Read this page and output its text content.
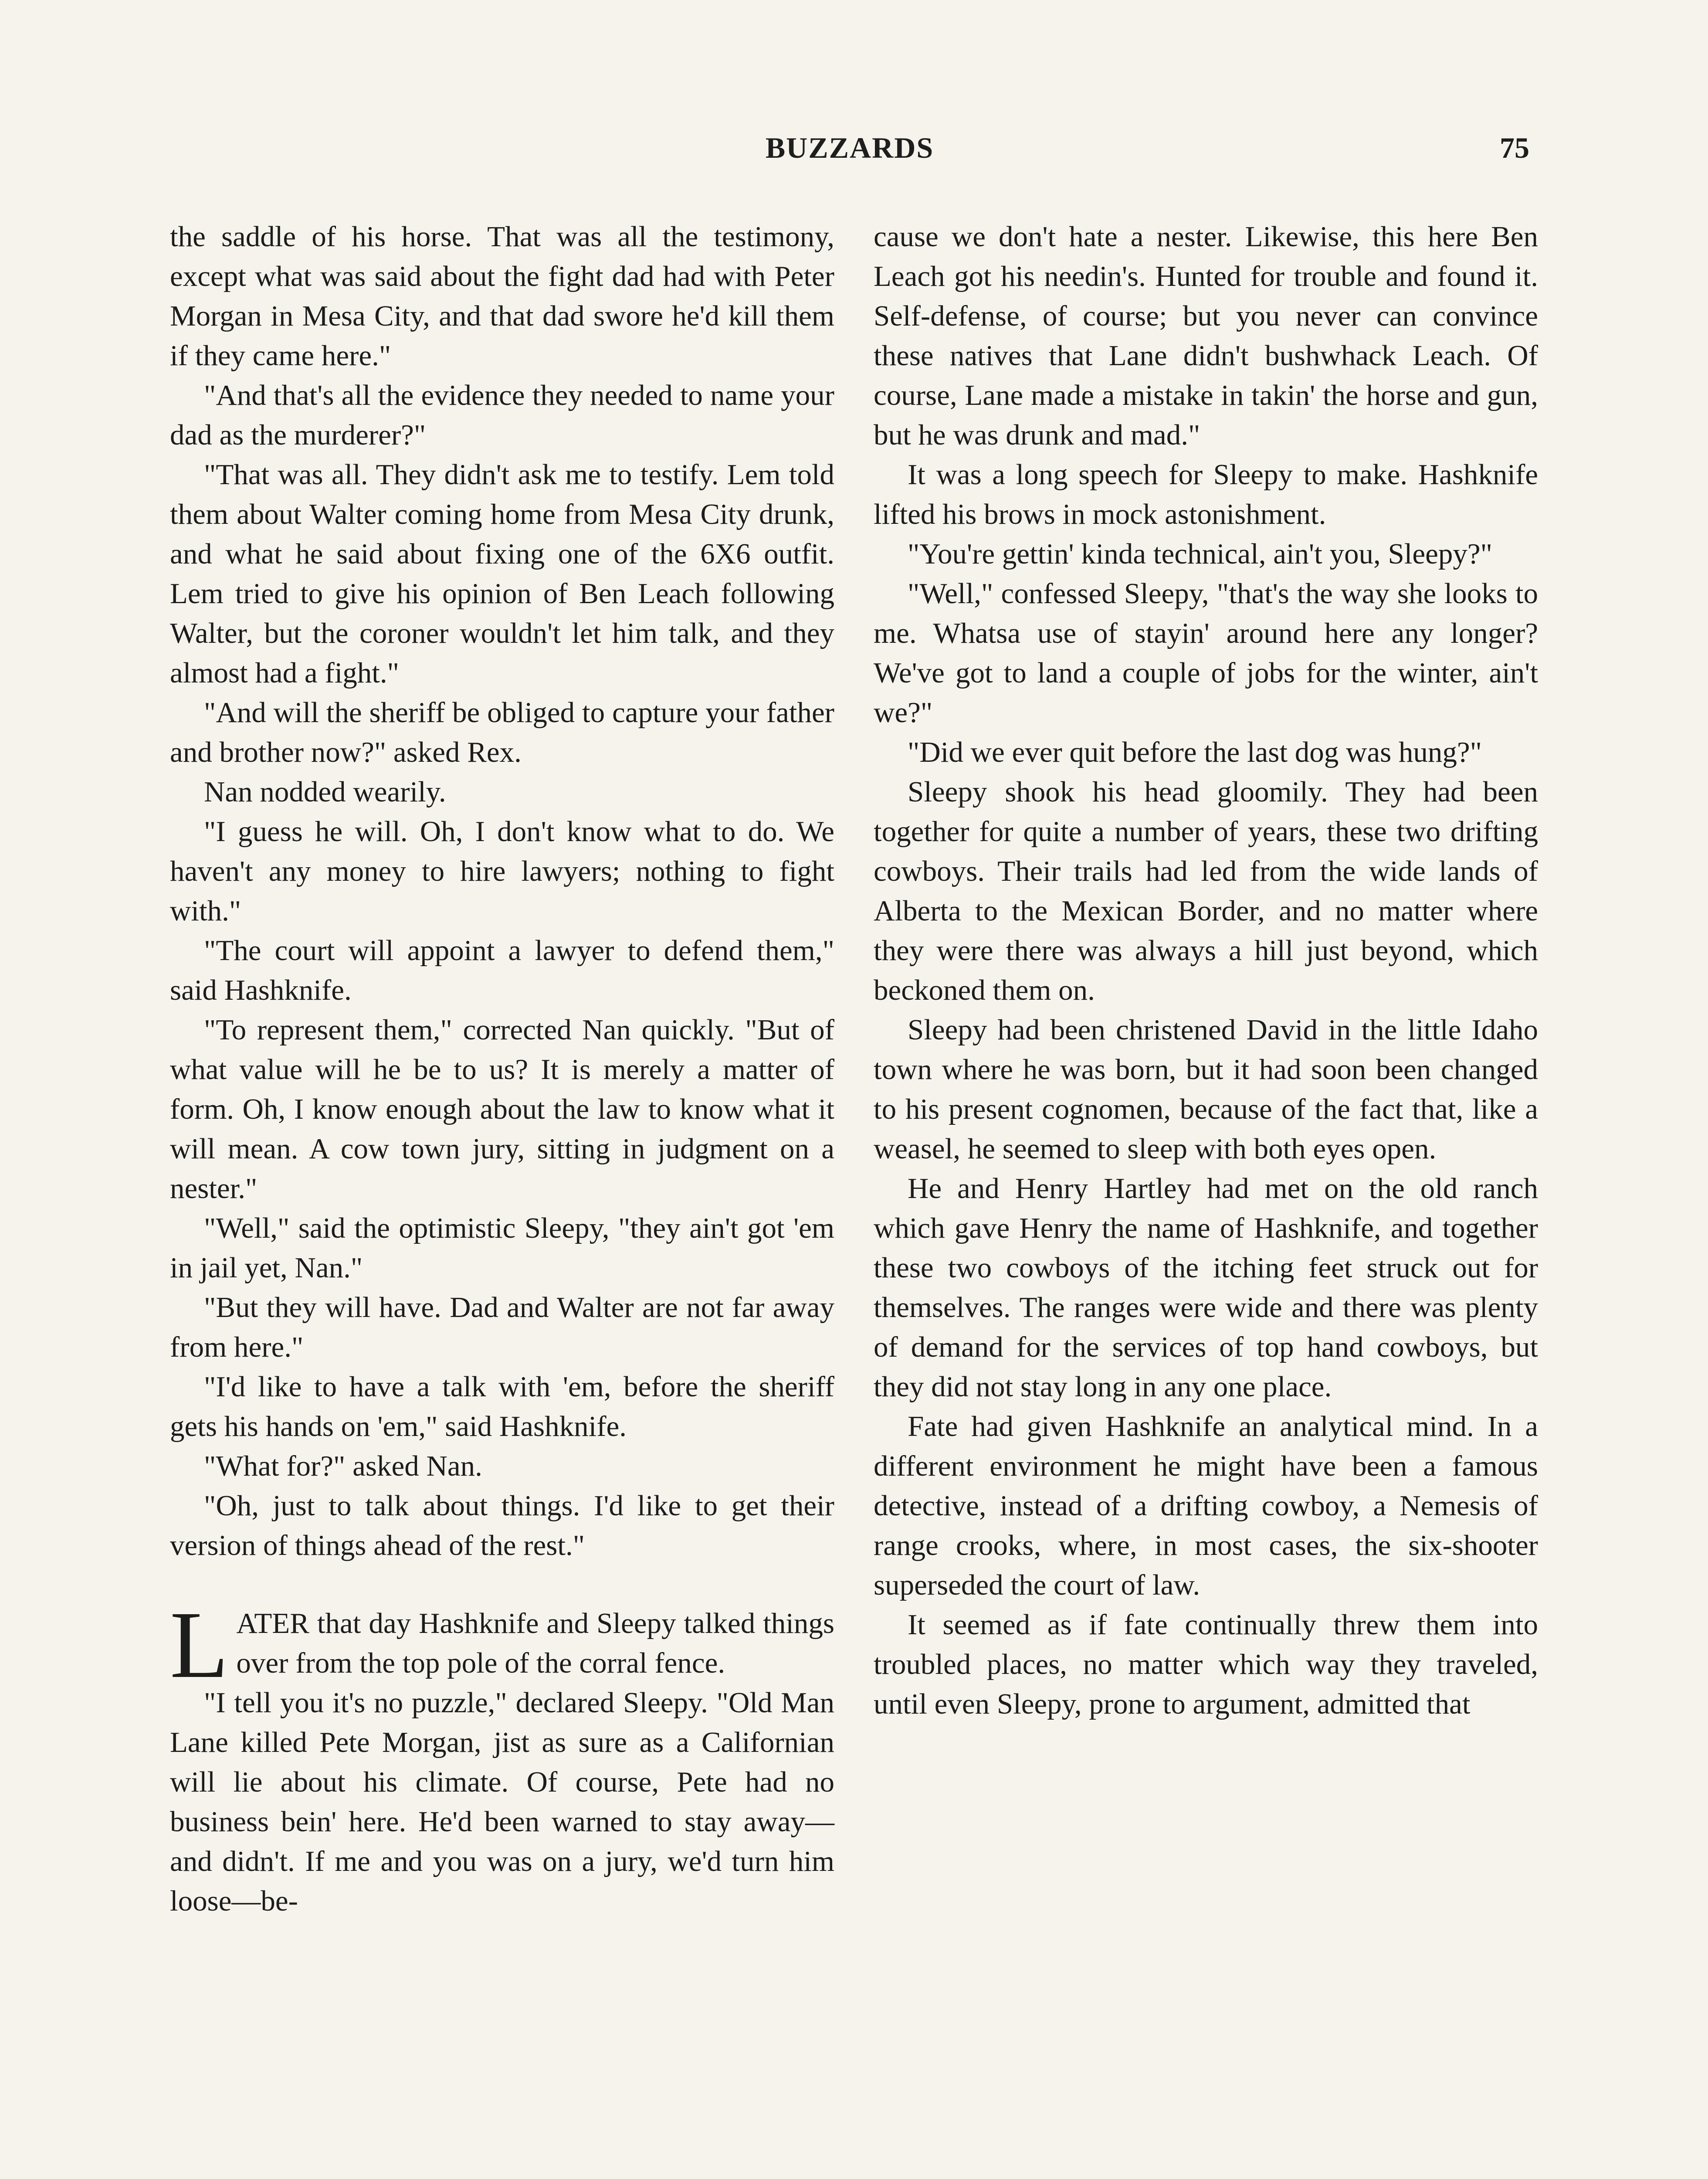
BUZZARDS	75

the saddle of his horse. That was all the testimony, except what was said about the fight dad had with Peter Morgan in Mesa City, and that dad swore he'd kill them if they came here."

"And that's all the evidence they needed to name your dad as the murderer?"

"That was all. They didn't ask me to testify. Lem told them about Walter coming home from Mesa City drunk, and what he said about fixing one of the 6X6 outfit. Lem tried to give his opinion of Ben Leach following Walter, but the coroner wouldn't let him talk, and they almost had a fight."

"And will the sheriff be obliged to capture your father and brother now?" asked Rex.

Nan nodded wearily.

"I guess he will. Oh, I don't know what to do. We haven't any money to hire lawyers; nothing to fight with."

"The court will appoint a lawyer to defend them," said Hashknife.

"To represent them," corrected Nan quickly. "But of what value will he be to us? It is merely a matter of form. Oh, I know enough about the law to know what it will mean. A cow town jury, sitting in judgment on a nester."

"Well," said the optimistic Sleepy, "they ain't got 'em in jail yet, Nan."

"But they will have. Dad and Walter are not far away from here."

"I'd like to have a talk with 'em, before the sheriff gets his hands on 'em," said Hashknife.

"What for?" asked Nan.

"Oh, just to talk about things. I'd like to get their version of things ahead of the rest."

LATER that day Hashknife and Sleepy talked things over from the top pole of the corral fence.

"I tell you it's no puzzle," declared Sleepy. "Old Man Lane killed Pete Morgan, jist as sure as a Californian will lie about his climate. Of course, Pete had no business bein' here. He'd been warned to stay away—and didn't. If me and you was on a jury, we'd turn him loose—be-

cause we don't hate a nester. Likewise, this here Ben Leach got his needin's. Hunted for trouble and found it. Self-defense, of course; but you never can convince these natives that Lane didn't bushwhack Leach. Of course, Lane made a mistake in takin' the horse and gun, but he was drunk and mad."

It was a long speech for Sleepy to make. Hashknife lifted his brows in mock astonishment.

"You're gettin' kinda technical, ain't you, Sleepy?"

"Well," confessed Sleepy, "that's the way she looks to me. Whatsa use of stayin' around here any longer? We've got to land a couple of jobs for the winter, ain't we?"

"Did we ever quit before the last dog was hung?"

Sleepy shook his head gloomily. They had been together for quite a number of years, these two drifting cowboys. Their trails had led from the wide lands of Alberta to the Mexican Border, and no matter where they were there was always a hill just beyond, which beckoned them on.

Sleepy had been christened David in the little Idaho town where he was born, but it had soon been changed to his present cognomen, because of the fact that, like a weasel, he seemed to sleep with both eyes open.

He and Henry Hartley had met on the old ranch which gave Henry the name of Hashknife, and together these two cowboys of the itching feet struck out for themselves. The ranges were wide and there was plenty of demand for the services of top hand cowboys, but they did not stay long in any one place.

Fate had given Hashknife an analytical mind. In a different environment he might have been a famous detective, instead of a drifting cowboy, a Nemesis of range crooks, where, in most cases, the six-shooter superseded the court of law.

It seemed as if fate continually threw them into troubled places, no matter which way they traveled, until even Sleepy, prone to argument, admitted that
